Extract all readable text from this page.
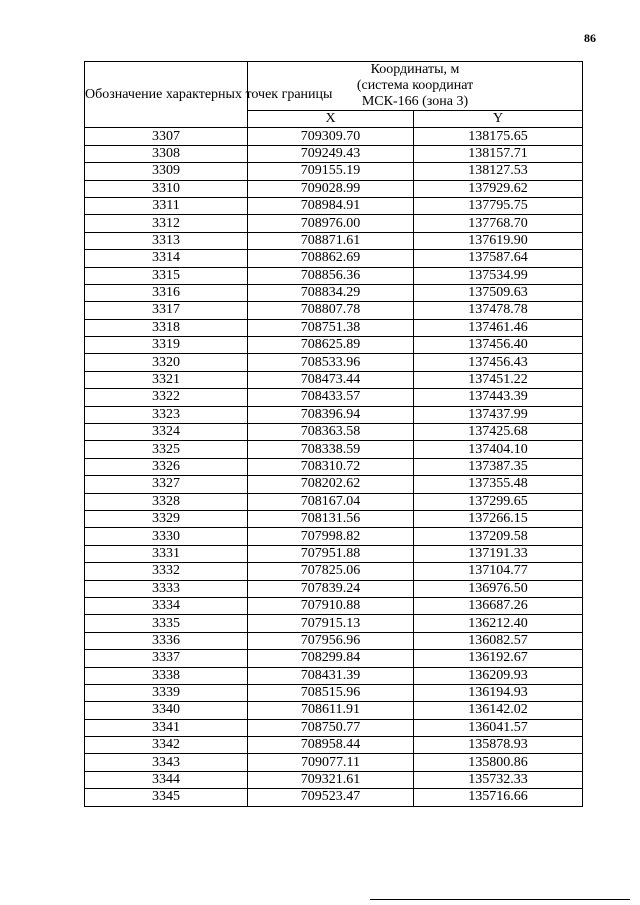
86
Обозначение характерных точек границы	Координаты, м
(система координат
МСК-166 (зона 3)	
	X	Y
3307	709309.70	138175.65
3308	709249.43	138157.71
3309	709155.19	138127.53
3310	709028.99	137929.62
3311	708984.91	137795.75
3312	708976.00	137768.70
3313	708871.61	137619.90
3314	708862.69	137587.64
3315	708856.36	137534.99
3316	708834.29	137509.63
3317	708807.78	137478.78
3318	708751.38	137461.46
3319	708625.89	137456.40
3320	708533.96	137456.43
3321	708473.44	137451.22
3322	708433.57	137443.39
3323	708396.94	137437.99
3324	708363.58	137425.68
3325	708338.59	137404.10
3326	708310.72	137387.35
3327	708202.62	137355.48
3328	708167.04	137299.65
3329	708131.56	137266.15
3330	707998.82	137209.58
3331	707951.88	137191.33
3332	707825.06	137104.77
3333	707839.24	136976.50
3334	707910.88	136687.26
3335	707915.13	136212.40
3336	707956.96	136082.57
3337	708299.84	136192.67
3338	708431.39	136209.93
3339	708515.96	136194.93
3340	708611.91	136142.02
3341	708750.77	136041.57
3342	708958.44	135878.93
3343	709077.11	135800.86
3344	709321.61	135732.33
3345	709523.47	135716.66
